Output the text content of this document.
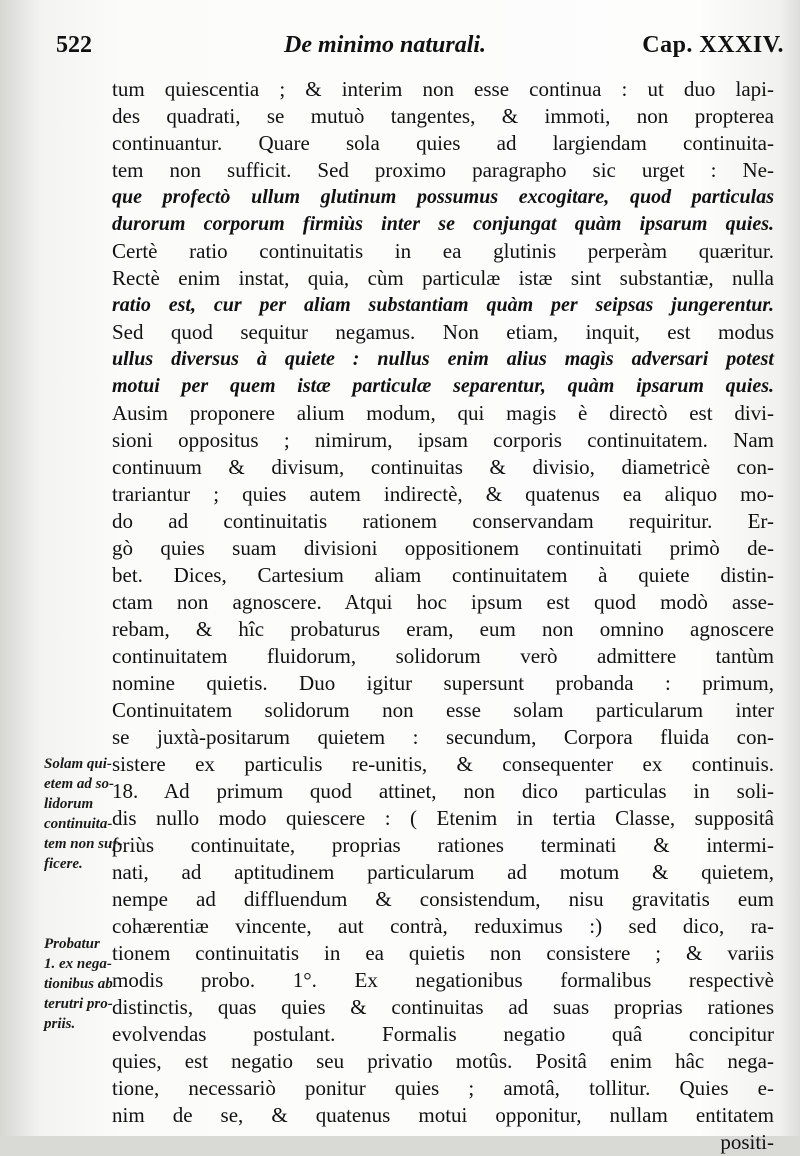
522	De minimo naturali.	Cap. XXXIV.
tum quiescentia ; & interim non esse continua : ut duo lapi-
des quadrati, se mutuò tangentes, & immoti, non propterea
continuantur. Quare sola quies ad largiendam continuita-
tem non sufficit. Sed proximo paragrapho sic urget : Ne-
que profectò ullum glutinum possumus excogitare, quod particulas
durorum corporum firmiùs inter se conjungat quàm ipsarum quies.
Certè ratio continuitatis in ea glutinis perperàm quæritur.
Rectè enim instat, quia, cùm particulæ istæ sint substantiæ, nulla
ratio est, cur per aliam substantiam quàm per seipsas jungerentur.
Sed quod sequitur negamus. Non etiam, inquit, est modus
ullus diversus à quiete : nullus enim alius magìs adversari potest
motui per quem istæ particulæ separentur, quàm ipsarum quies.
Ausim proponere alium modum, qui magis è directò est divi-
sioni oppositus ; nimirum, ipsam corporis continuitatem. Nam
continuum & divisum, continuitas & divisio, diametricè con-
trariantur ; quies autem indirectè, & quatenus ea aliquo mo-
do ad continuitatis rationem conservandam requiritur. Er-
gò quies suam divisioni oppositionem continuitati primò de-
bet. Dices, Cartesium aliam continuitatem à quiete distin-
ctam non agnoscere. Atqui hoc ipsum est quod modò asse-
rebam, & hîc probaturus eram, eum non omnino agnoscere
continuitatem fluidorum, solidorum verò admittere tantùm
nomine quietis. Duo igitur supersunt probanda : primum,
Continuitatem solidorum non esse solam particularum inter
se juxtà-positarum quietem : secundum, Corpora fluida con-
sistere ex particulis re-unitis, & consequenter ex continuis.
18. Ad primum quod attinet, non dico particulas in soli-
dis nullo modo quiescere : ( Etenim in tertia Classe, suppositâ
priùs continuitate, proprias rationes terminati & intermi-
nati, ad aptitudinem particularum ad motum & quietem,
nempe ad diffluendum & consistendum, nisu gravitatis eum
cohærentiæ vincente, aut contrà, reduximus :) sed dico, ra-
tionem continuitatis in ea quietis non consistere ; & variis
modis probo. 1°. Ex negationibus formalibus respectivè
distinctis, quas quies & continuitas ad suas proprias rationes
evolvendas postulant. Formalis negatio quâ concipitur
quies, est negatio seu privatio motûs. Positâ enim hâc nega-
tione, necessariò ponitur quies ; amotâ, tollitur. Quies e-
nim de se, & quatenus motui opponitur, nullam entitatem
positi-
Solam qui-
etem ad so-
lidorum
continuita-
tem non suf-
ficere.
Probatur
1. ex nega-
tionibus ab
terutri pro-
priis.
